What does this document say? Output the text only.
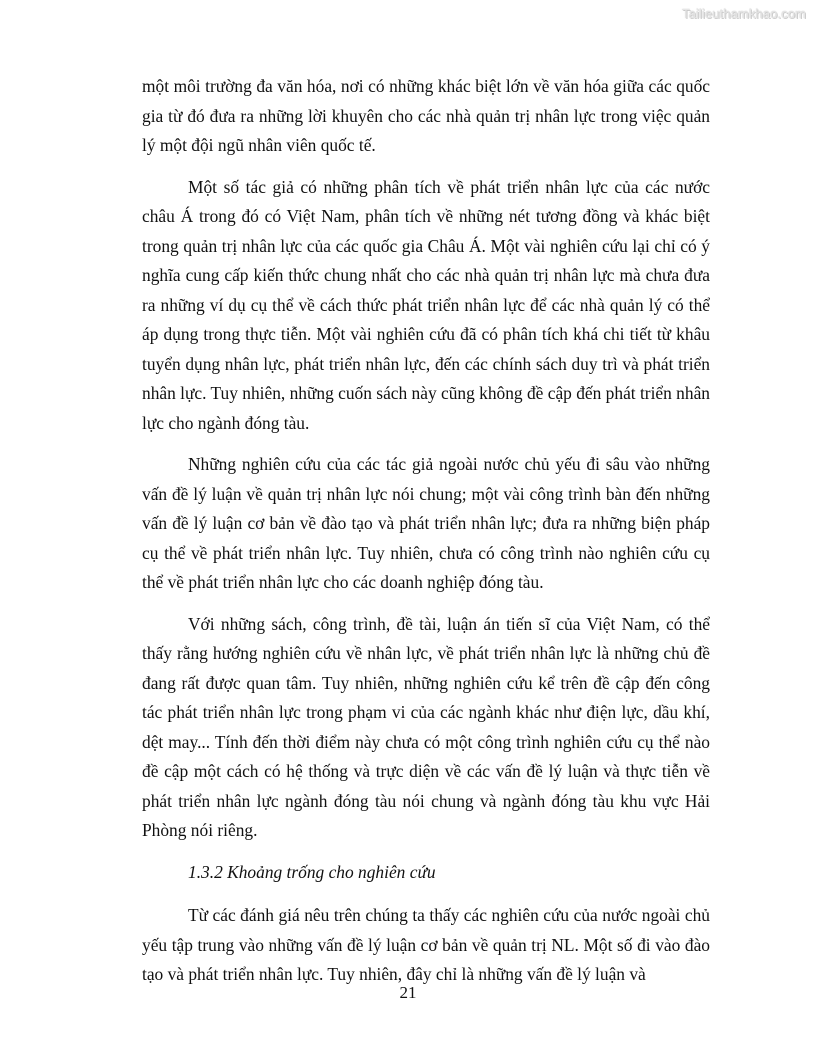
Tailieuthamkhao.com

một môi trường đa văn hóa, nơi có những khác biệt lớn về văn hóa giữa các quốc gia từ đó đưa ra những lời khuyên cho các nhà quản trị nhân lực trong việc quản lý một đội ngũ nhân viên quốc tế.

Một số tác giả có những phân tích về phát triển nhân lực của các nước châu Á trong đó có Việt Nam, phân tích về những nét tương đồng và khác biệt trong quản trị nhân lực của các quốc gia Châu Á. Một vài nghiên cứu lại chỉ có ý nghĩa cung cấp kiến thức chung nhất cho các nhà quản trị nhân lực mà chưa đưa ra những ví dụ cụ thể về cách thức phát triển nhân lực để các nhà quản lý có thể áp dụng trong thực tiễn. Một vài nghiên cứu đã có phân tích khá chi tiết từ khâu tuyển dụng nhân lực, phát triển nhân lực, đến các chính sách duy trì và phát triển nhân lực. Tuy nhiên, những cuốn sách này cũng không đề cập đến phát triển nhân lực cho ngành đóng tàu.

Những nghiên cứu của các tác giả ngoài nước chủ yếu đi sâu vào những vấn đề lý luận về quản trị nhân lực nói chung; một vài công trình bàn đến những vấn đề lý luận cơ bản về đào tạo và phát triển nhân lực; đưa ra những biện pháp cụ thể về phát triển nhân lực. Tuy nhiên, chưa có công trình nào nghiên cứu cụ thể về phát triển nhân lực cho các doanh nghiệp đóng tàu.

Với những sách, công trình, đề tài, luận án tiến sĩ của Việt Nam, có thể thấy rằng hướng nghiên cứu về nhân lực, về phát triển nhân lực là những chủ đề đang rất được quan tâm. Tuy nhiên, những nghiên cứu kể trên đề cập đến công tác phát triển nhân lực trong phạm vi của các ngành khác như điện lực, dầu khí, dệt may... Tính đến thời điểm này chưa có một công trình nghiên cứu cụ thể nào đề cập một cách có hệ thống và trực diện về các vấn đề lý luận và thực tiễn về phát triển nhân lực ngành đóng tàu nói chung và ngành đóng tàu khu vực Hải Phòng nói riêng.

1.3.2 Khoảng trống cho nghiên cứu

Từ các đánh giá nêu trên chúng ta thấy các nghiên cứu của nước ngoài chủ yếu tập trung vào những vấn đề lý luận cơ bản về quản trị NL. Một số đi vào đào tạo và phát triển nhân lực. Tuy nhiên, đây chỉ là những vấn đề lý luận và

21
